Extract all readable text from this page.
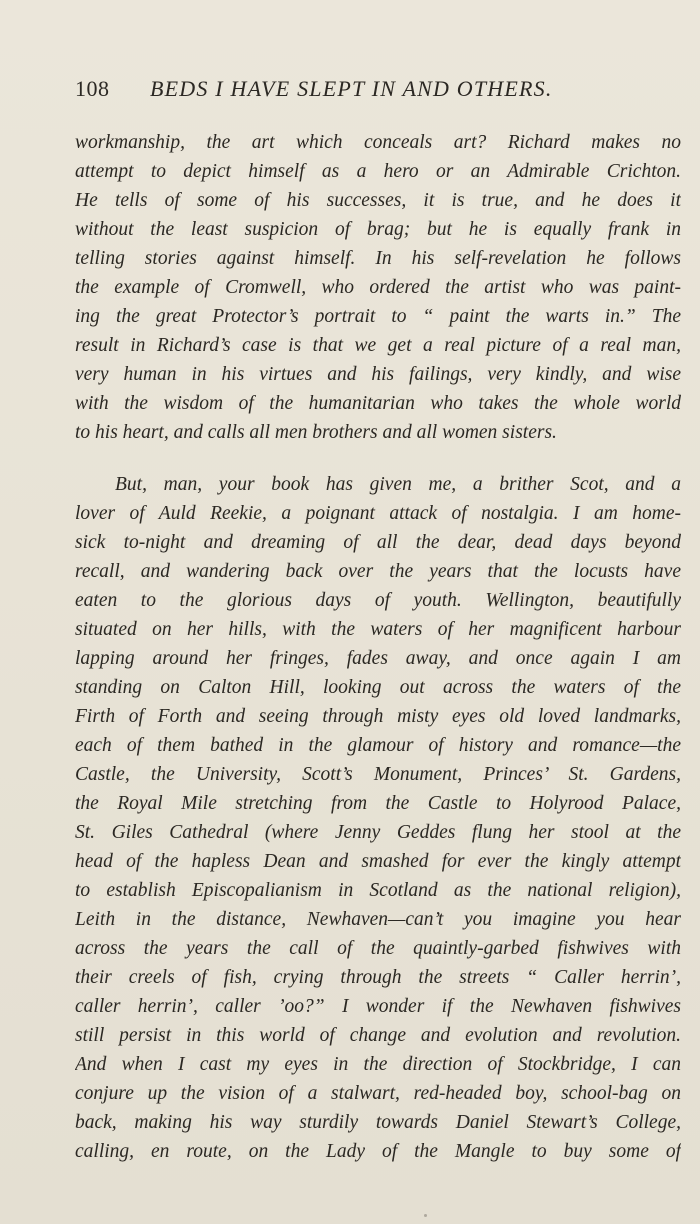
108 BEDS I HAVE SLEPT IN AND OTHERS.
workmanship, the art which conceals art? Richard makes no
attempt to depict himself as a hero or an Admirable Crichton.
He tells of some of his successes, it is true, and he does it
without the least suspicion of brag; but he is equally frank in
telling stories against himself. In his self-revelation he follows
the example of Cromwell, who ordered the artist who was paint-
ing the great Protector’s portrait to “ paint the warts in.” The
result in Richard’s case is that we get a real picture of a real man,
very human in his virtues and his failings, very kindly, and wise
with the wisdom of the humanitarian who takes the whole world
to his heart, and calls all men brothers and all women sisters.
But, man, your book has given me, a brither Scot, and a
lover of Auld Reekie, a poignant attack of nostalgia. I am home-
sick to-night and dreaming of all the dear, dead days beyond
recall, and wandering back over the years that the locusts have
eaten to the glorious days of youth. Wellington, beautifully
situated on her hills, with the waters of her magnificent harbour
lapping around her fringes, fades away, and once again I am
standing on Calton Hill, looking out across the waters of the
Firth of Forth and seeing through misty eyes old loved landmarks,
each of them bathed in the glamour of history and romance—the
Castle, the University, Scott’s Monument, Princes’ St. Gardens,
the Royal Mile stretching from the Castle to Holyrood Palace,
St. Giles Cathedral (where Jenny Geddes flung her stool at the
head of the hapless Dean and smashed for ever the kingly attempt
to establish Episcopalianism in Scotland as the national religion),
Leith in the distance, Newhaven—can’t you imagine you hear
across the years the call of the quaintly-garbed fishwives with
their creels of fish, crying through the streets “ Caller herrin’,
caller herrin’, caller ’oo?” I wonder if the Newhaven fishwives
still persist in this world of change and evolution and revolution.
And when I cast my eyes in the direction of Stockbridge, I can
conjure up the vision of a stalwart, red-headed boy, school-bag on
back, making his way sturdily towards Daniel Stewart’s College,
calling, en route, on the Lady of the Mangle to buy some of
